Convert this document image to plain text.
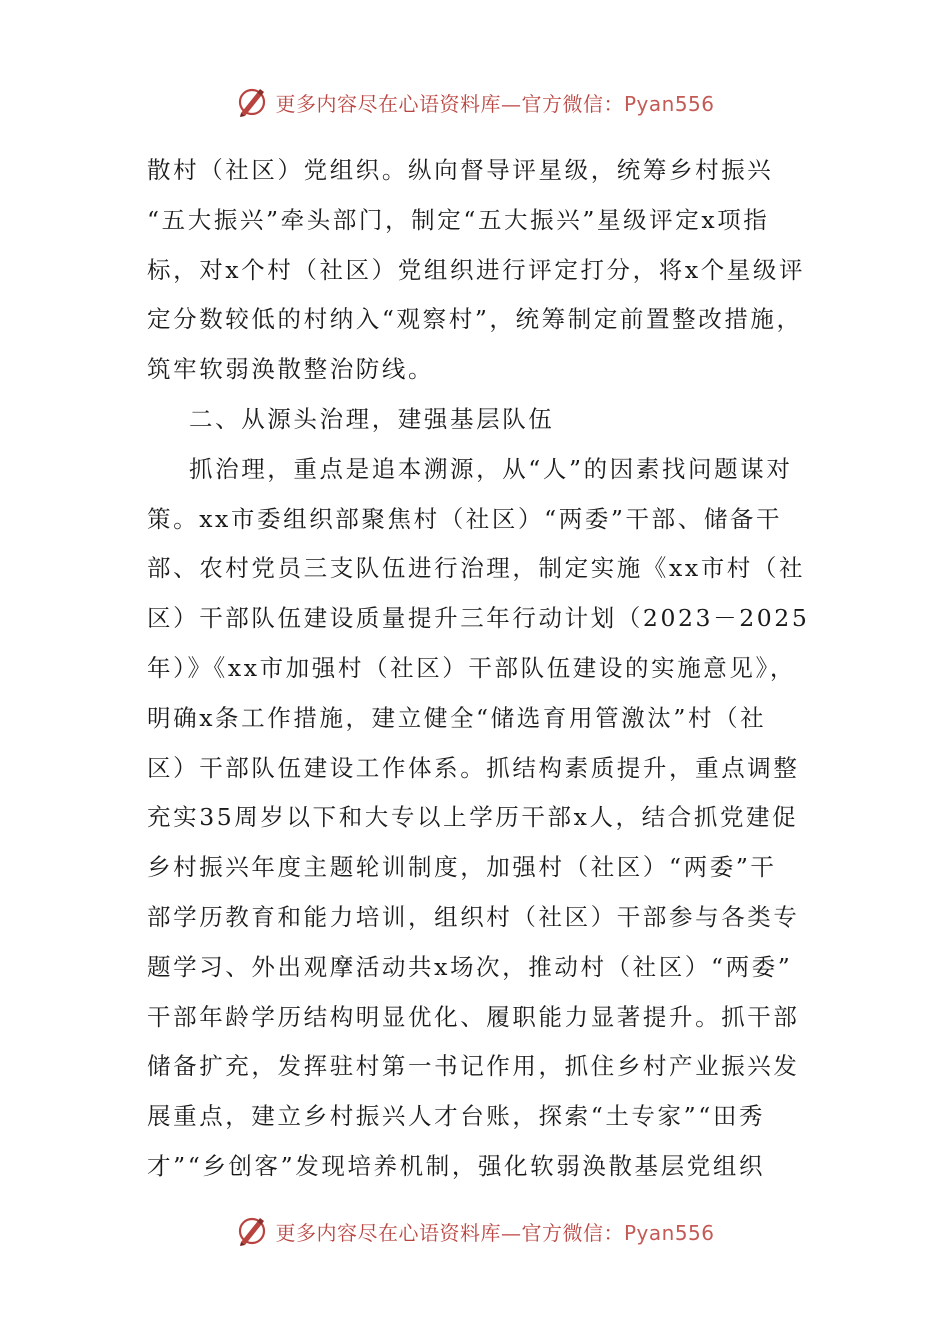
更多内容尽在心语资料库—官方微信：Pyan556
散村（社区）党组织。纵向督导评星级，统筹乡村振兴
“五大振兴”牵头部门，制定“五大振兴”星级评定x项指
标，对x个村（社区）党组织进行评定打分，将x个星级评
定分数较低的村纳入“观察村”，统筹制定前置整改措施，
筑牢软弱涣散整治防线。
二、从源头治理，建强基层队伍
抓治理，重点是追本溯源，从“人”的因素找问题谋对
策。xx市委组织部聚焦村（社区）“两委”干部、储备干
部、农村党员三支队伍进行治理，制定实施《xx市村（社
区）干部队伍建设质量提升三年行动计划（2023－2025
年）》《xx市加强村（社区）干部队伍建设的实施意见》，
明确x条工作措施，建立健全“储选育用管激汰”村（社
区）干部队伍建设工作体系。抓结构素质提升，重点调整
充实35周岁以下和大专以上学历干部x人，结合抓党建促
乡村振兴年度主题轮训制度，加强村（社区）“两委”干
部学历教育和能力培训，组织村（社区）干部参与各类专
题学习、外出观摩活动共x场次，推动村（社区）“两委”
干部年龄学历结构明显优化、履职能力显著提升。抓干部
储备扩充，发挥驻村第一书记作用，抓住乡村产业振兴发
展重点，建立乡村振兴人才台账，探索“土专家”“田秀
才”“乡创客”发现培养机制，强化软弱涣散基层党组织
更多内容尽在心语资料库—官方微信：Pyan556
